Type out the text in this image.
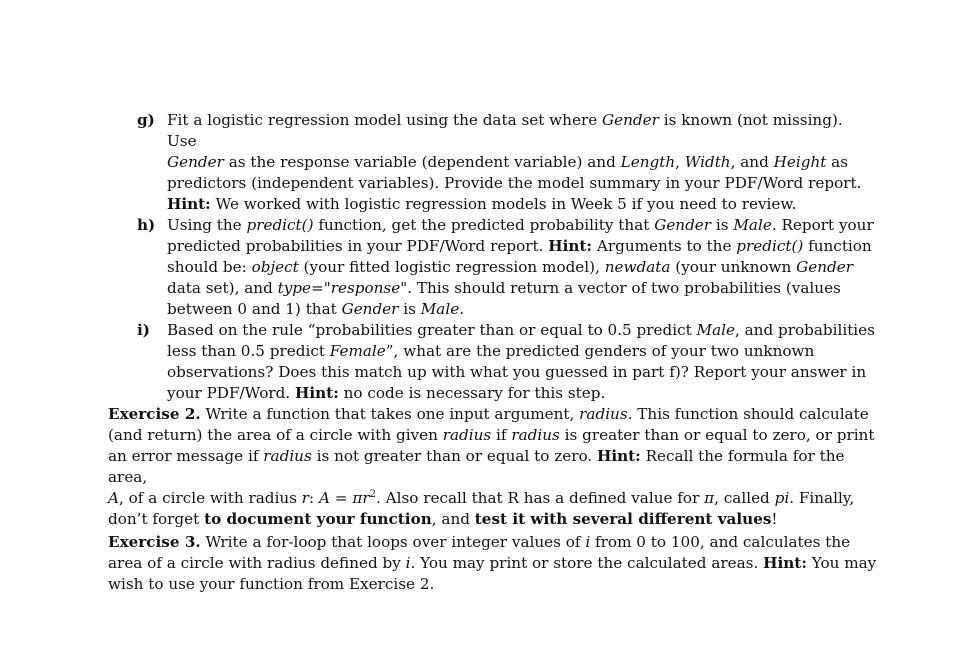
g) Fit a logistic regression model using the data set where Gender is known (not missing). Use
Gender as the response variable (dependent variable) and Length, Width, and Height as
predictors (independent variables). Provide the model summary in your PDF/Word report.
Hint: We worked with logistic regression models in Week 5 if you need to review.
h) Using the predict() function, get the predicted probability that Gender is Male. Report your
predicted probabilities in your PDF/Word report. Hint: Arguments to the predict() function
should be: object (your fitted logistic regression model), newdata (your unknown Gender
data set), and type="response". This should return a vector of two probabilities (values
between 0 and 1) that Gender is Male.
i) Based on the rule “probabilities greater than or equal to 0.5 predict Male, and probabilities
less than 0.5 predict Female”, what are the predicted genders of your two unknown
observations? Does this match up with what you guessed in part f)? Report your answer in
your PDF/Word. Hint: no code is necessary for this step.
Exercise 2. Write a function that takes one input argument, radius. This function should calculate
(and return) the area of a circle with given radius if radius is greater than or equal to zero, or print
an error message if radius is not greater than or equal to zero. Hint: Recall the formula for the area,
A, of a circle with radius r: $A = \pi r^2$. Also recall that R has a defined value for π, called pi. Finally,
don’t forget to document your function, and test it with several different values!
Exercise 3. Write a for-loop that loops over integer values of i from 0 to 100, and calculates the
area of a circle with radius defined by i. You may print or store the calculated areas. Hint: You may
wish to use your function from Exercise 2.
